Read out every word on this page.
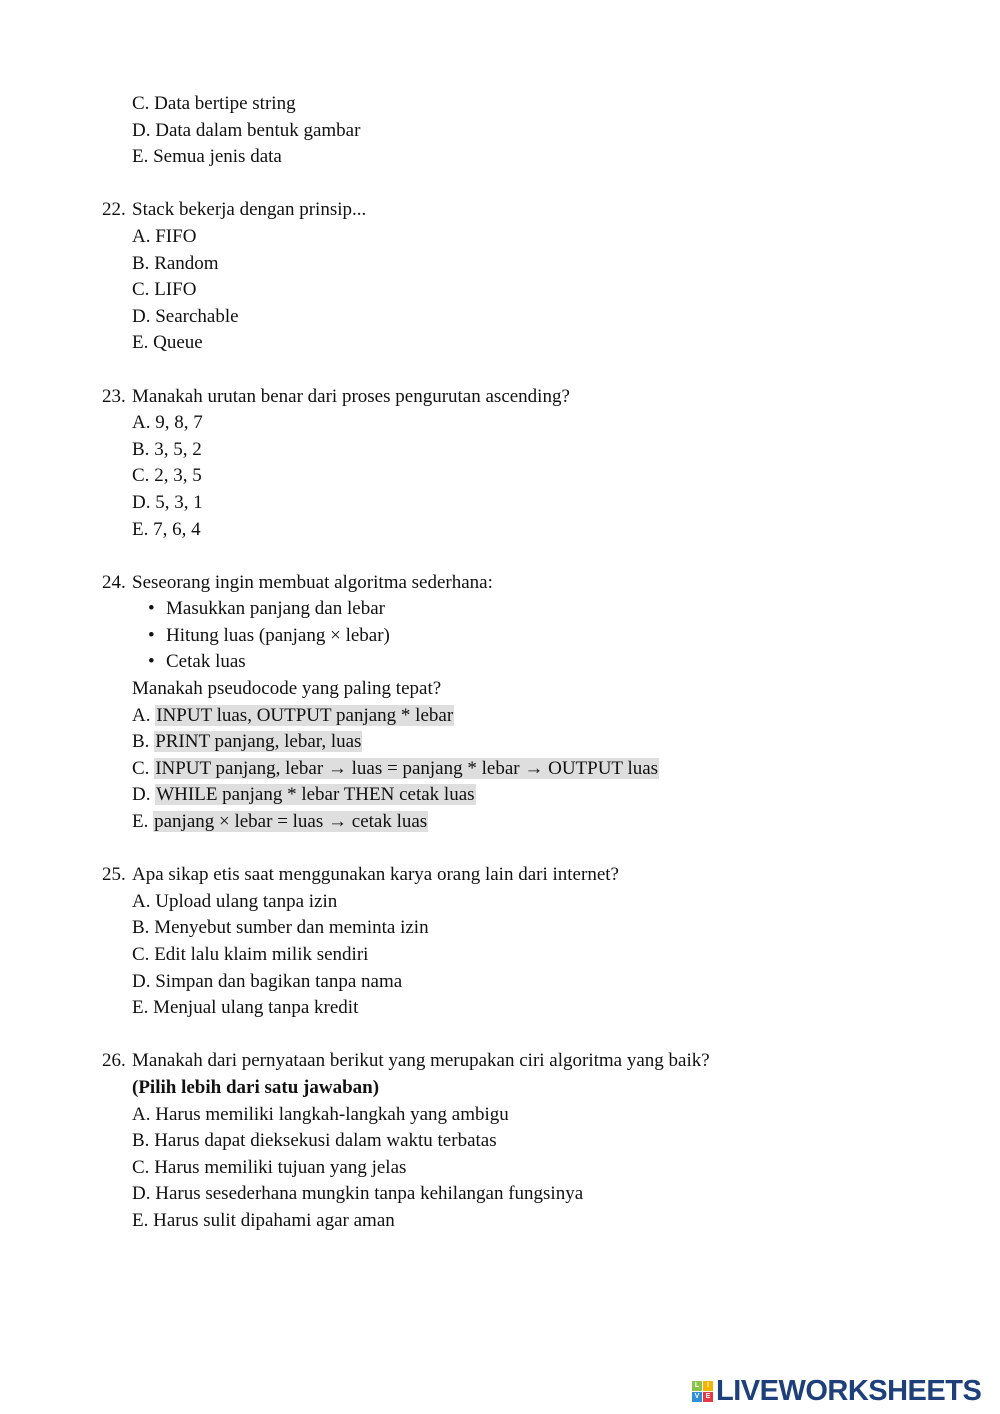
C. Data bertipe string
D. Data dalam bentuk gambar
E. Semua jenis data
22. Stack bekerja dengan prinsip...
A. FIFO
B. Random
C. LIFO
D. Searchable
E. Queue
23. Manakah urutan benar dari proses pengurutan ascending?
A. 9, 8, 7
B. 3, 5, 2
C. 2, 3, 5
D. 5, 3, 1
E. 7, 6, 4
24. Seseorang ingin membuat algoritma sederhana:
• Masukkan panjang dan lebar
• Hitung luas (panjang × lebar)
• Cetak luas
Manakah pseudocode yang paling tepat?
A. INPUT luas, OUTPUT panjang * lebar
B. PRINT panjang, lebar, luas
C. INPUT panjang, lebar → luas = panjang * lebar → OUTPUT luas
D. WHILE panjang * lebar THEN cetak luas
E. panjang × lebar = luas → cetak luas
25. Apa sikap etis saat menggunakan karya orang lain dari internet?
A. Upload ulang tanpa izin
B. Menyebut sumber dan meminta izin
C. Edit lalu klaim milik sendiri
D. Simpan dan bagikan tanpa nama
E. Menjual ulang tanpa kredit
26. Manakah dari pernyataan berikut yang merupakan ciri algoritma yang baik?
(Pilih lebih dari satu jawaban)
A. Harus memiliki langkah-langkah yang ambigu
B. Harus dapat dieksekusi dalam waktu terbatas
C. Harus memiliki tujuan yang jelas
D. Harus sesederhana mungkin tanpa kehilangan fungsinya
E. Harus sulit dipahami agar aman
L	I
V E LIVEWORKSHEETS
